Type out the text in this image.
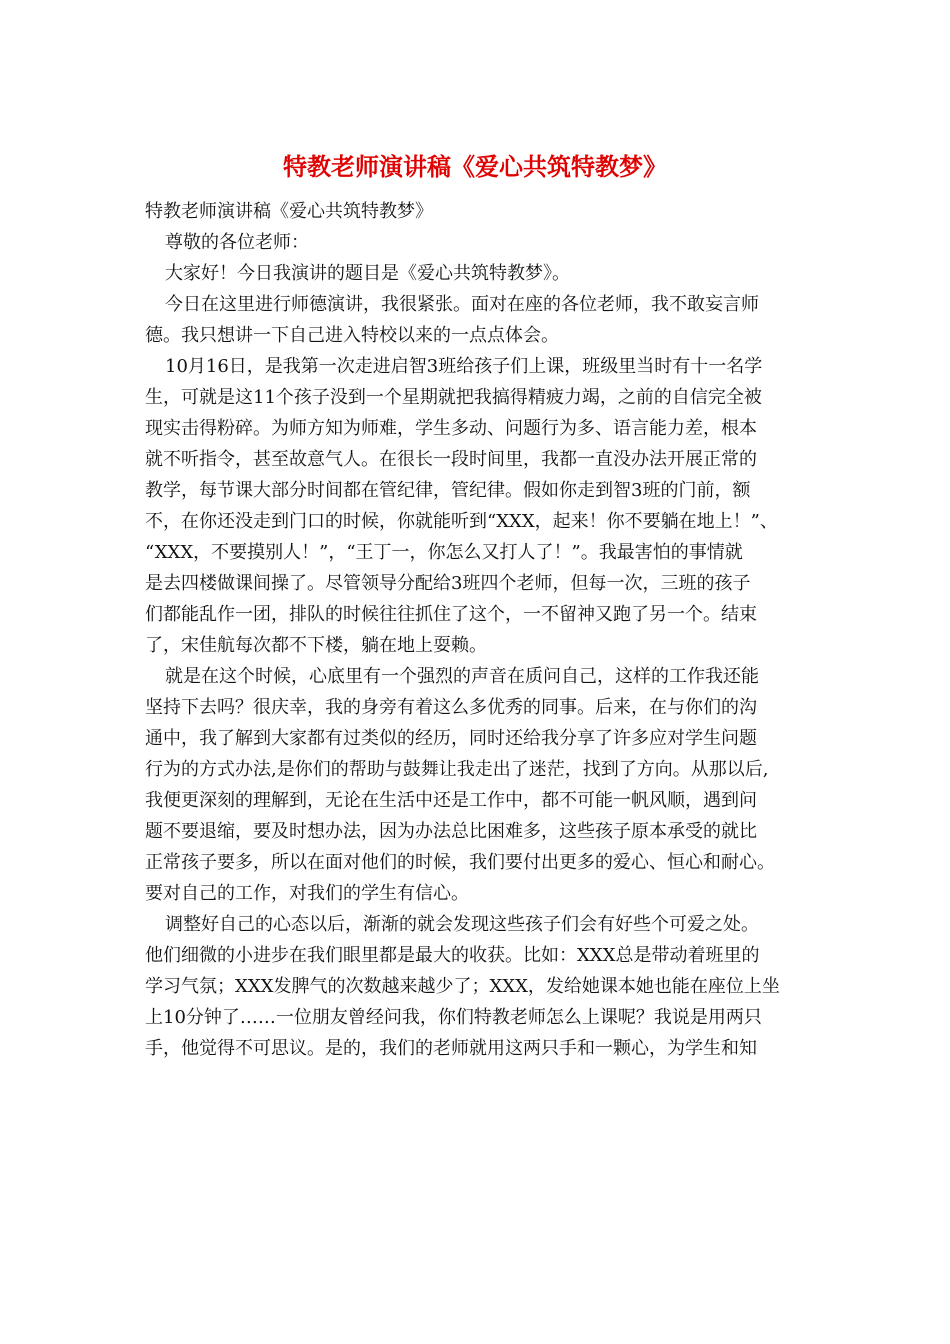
特教老师演讲稿《爱心共筑特教梦》
特教老师演讲稿《爱心共筑特教梦》
尊敬的各位老师：
大家好！今日我演讲的题目是《爱心共筑特教梦》。
今日在这里进行师德演讲，我很紧张。面对在座的各位老师，我不敢妄言师
德。我只想讲一下自己进入特校以来的一点点体会。
10月16日，是我第一次走进启智3班给孩子们上课，班级里当时有十一名学
生，可就是这11个孩子没到一个星期就把我搞得精疲力竭，之前的自信完全被
现实击得粉碎。为师方知为师难，学生多动、问题行为多、语言能力差，根本
就不听指令，甚至故意气人。在很长一段时间里，我都一直没办法开展正常的
教学，每节课大部分时间都在管纪律，管纪律。假如你走到智3班的门前，额
不，在你还没走到门口的时候，你就能听到“XXX，起来！你不要躺在地上！”、
“XXX，不要摸别人！”，“王丁一，你怎么又打人了！”。我最害怕的事情就
是去四楼做课间操了。尽管领导分配给3班四个老师，但每一次，三班的孩子
们都能乱作一团，排队的时候往往抓住了这个，一不留神又跑了另一个。结束
了，宋佳航每次都不下楼，躺在地上耍赖。
就是在这个时候，心底里有一个强烈的声音在质问自己，这样的工作我还能
坚持下去吗？很庆幸，我的身旁有着这么多优秀的同事。后来，在与你们的沟
通中，我了解到大家都有过类似的经历，同时还给我分享了许多应对学生问题
行为的方式办法,是你们的帮助与鼓舞让我走出了迷茫，找到了方向。从那以后,
我便更深刻的理解到，无论在生活中还是工作中，都不可能一帆风顺，遇到问
题不要退缩，要及时想办法，因为办法总比困难多，这些孩子原本承受的就比
正常孩子要多，所以在面对他们的时候，我们要付出更多的爱心、恒心和耐心。
要对自己的工作，对我们的学生有信心。
调整好自己的心态以后，渐渐的就会发现这些孩子们会有好些个可爱之处。
他们细微的小进步在我们眼里都是最大的收获。比如：XXX总是带动着班里的
学习气氛；XXX发脾气的次数越来越少了；XXX，发给她课本她也能在座位上坐
上10分钟了……一位朋友曾经问我，你们特教老师怎么上课呢？我说是用两只
手，他觉得不可思议。是的，我们的老师就用这两只手和一颗心，为学生和知
